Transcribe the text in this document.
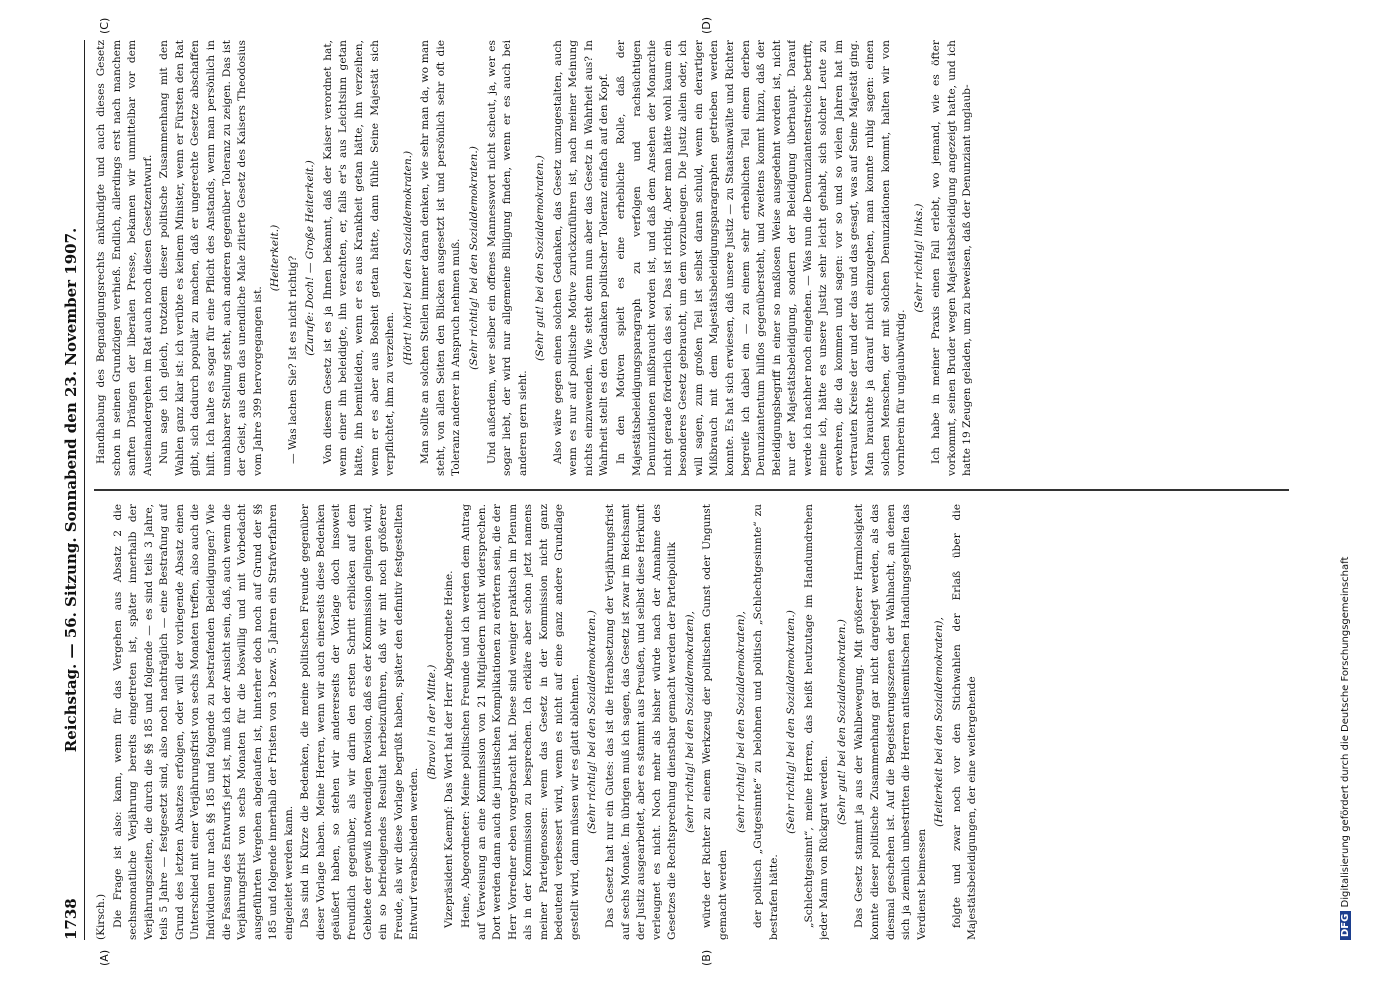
1738
Reichstag. — 56. Sitzung. Sonnabend den 23. November 1907.

(Kirsch.) Die Frage ist also: kann, wenn für das Vergehen aus Absatz 2 die sechsmonatliche Verjährung bereits eingetreten ist, später innerhalb der Verjährungszeiten, die durch die §§ 185 und folgende — es sind teils 3 Jahre, teils 5 Jahre — festgesetzt sind, also noch nachträglich — eine Bestrafung auf Grund des letzten Absatzes erfolgen, oder will der vorliegende Absatz einen Unterschied mit einer Verjährungsfrist von sechs Monaten treffen, also auch die Individuen nur nach §§ 185 und folgende zu bestrafenden Beleidigungen? Wie die Fassung des Entwurfs jetzt ist, muß ich der Ansicht sein, daß, auch wenn die Verjährungsfrist von sechs Monaten für die böswillig und mit Vorbedacht ausgeführten Vergehen abgelaufen ist, hinterher doch noch auf Grund der §§ 185 und folgende innerhalb der Fristen von 3 bezw. 5 Jahren ein Strafverfahren eingeleitet werden kann. Das sind in Kürze die Bedenken, die meine politischen Freunde gegenüber dieser Vorlage haben. Meine Herren, wenn wir auch einerseits diese Bedenken geäußert haben, so stehen wir andererseits der Vorlage doch insoweit freundlich gegenüber, als wir darin den ersten Schritt erblicken auf dem Gebiete der gewiß notwendigen Revision, daß es der Kommission gelingen wird, ein so befriedigendes Resultat herbeizuführen, daß wir mit noch größerer Freude, als wir diese Vorlage begrüßt haben, später den definitiv festgestellten Entwurf verabschieden werden.

(Bravo! in der Mitte.) Vizepräsident Kaempf: Das Wort hat der Herr Abgeordnete Heine. Heine, Abgeordneter: Meine politischen Freunde und ich werden dem Antrag auf Verweisung an eine Kommission von 21 Mitgliedern nicht widersprechen. Dort werden dann auch die juristischen Komplikationen zu erörtern sein, die der Herr Vorredner eben vorgebracht hat. Diese sind weniger praktisch im Plenum als in der Kommission zu besprechen. Ich erkläre aber schon jetzt namens meiner Parteigenossen: wenn das Gesetz in der Kommission nicht ganz bedeutend verbessert wird, wenn es nicht auf eine ganz andere Grundlage gestellt wird, dann müssen wir es glatt ablehnen. (Sehr richtig! bei den Sozialdemokraten.) Das Gesetz hat nur ein Gutes: das ist die Herabsetzung der Verjährungsfrist auf sechs Monate. Im übrigen muß ich sagen, das Gesetz ist zwar im Reichsamt der Justiz ausgearbeitet, aber es stammt aus Preußen, und selbst diese Herkunft verleugnet es nicht. Noch mehr als bisher würde nach der Annahme des Gesetzes die Rechtsprechung dienstbar gemacht werden der Parteipolitik (sehr richtig! bei den Sozialdemokraten), würde der Richter zu einem Werkzeug der politischen Gunst oder Ungunst gemacht werden

(sehr richtig! bei den Sozialdemokraten), der politisch „Gutgesinnte“ zu belohnen und politisch „Schlechtgesinnte“ zu bestrafen hätte.

(Sehr richtig! bei den Sozialdemokraten.) „Schlechtgesinnt“, meine Herren, das heißt heutzutage im Handumdrehen jeder Mann von Rückgrat werden.

(Sehr gut! bei den Sozialdemokraten.) Das Gesetz stammt ja aus der Wahlbewegung. Mit größerer Harmlosigkeit konnte dieser politische Zusammenhang gar nicht dargelegt werden, als das diesmal geschehen ist. Auf die Begeisterungsszenen der Wahlnacht, an denen sich ja ziemlich unbestritten die Herren antisemitischen Handlungsgehilfen das Verdienst beimessen

(Heiterkeit bei den Sozialdemokraten), folgte und zwar noch vor den Stichwahlen der Erlaß über die Majestätsbeleidigungen, der eine weitergehende

Handhabung des Begnadigungsrechts ankündigte und auch dieses Gesetz schon in seinen Grundzügen verhieß. Endlich, allerdings erst nach manchem sanften Drängen der liberalen Presse, bekamen wir unmittelbar vor dem Auseinandergehen im Rat auch noch diesen Gesetzentwurf. Nun sage ich gleich, trotzdem dieser politische Zusammenhang mit den Wahlen ganz klar ist: ich verübte es keinem Minister, wenn er Fürsten den Rat gibt, sich dadurch populär zu machen, daß er ungerechte Gesetze abschaffen hilft. Ich halte es sogar für eine Pflicht des Anstands, wenn man persönlich in unnahbarer Stellung steht, auch anderen gegenüber Toleranz zu zeigen. Das ist der Geist, aus dem das unendliche Male zitierte Gesetz des Kaisers Theodosius vom Jahre 399 hervorgegangen ist.

(Heiterkeit.) — Was lachen Sie? Ist es nicht richtig? (Zurufe: Doch! — Große Heiterkeit.) Von diesem Gesetz ist es ja Ihnen bekannt, daß der Kaiser verordnet hat, wenn einer ihn beleidigte, ihn verachten, er, falls er's aus Leichtsinn getan hätte, ihn bemitleiden, wenn er es aus Krankheit getan hätte, ihn verzeihen, wenn er es aber aus Bosheit getan hätte, dann fühle Seine Majestät sich verpflichtet, ihm zu verzeihen.

(Hört! hört! bei den Sozialdemokraten.) Man sollte an solchen Stellen immer daran denken, wie sehr man da, wo man steht, von allen Seiten den Blicken ausgesetzt ist und persönlich sehr oft die Toleranz anderer in Anspruch nehmen muß. (Sehr richtig! bei den Sozialdemokraten.) Und außerdem, wer selber ein offenes Mannesswort nicht scheut, ja, wer es sogar liebt, der wird nur allgemeine Billigung finden, wenn er es auch bei anderen gern sieht.

(Sehr gut! bei den Sozialdemokraten.) Also wäre gegen einen solchen Gedanken, das Gesetz umzugestalten, auch wenn es nur auf politische Motive zurückzuführen ist, nach meiner Meinung nichts einzuwenden. Wie steht denn nun aber das Gesetz in Wahrheit aus? In Wahrheit stellt es den Gedanken politischer Toleranz einfach auf den Kopf. In den Motiven spielt es eine erhebliche Rolle, daß der Majestätsbeleidigungsparagraph zu verfolgen und rachsüchtigen Denunziationen mißbraucht worden ist, und daß dem Ansehen der Monarchie nicht gerade förderlich das sei. Das ist richtig. Aber man hätte wohl kaum ein besonderes Gesetz gebraucht, um dem vorzubeugen. Die Justiz allein oder, ich will sagen, zum großen Teil ist selbst daran schuld, wenn ein derartiger Mißbrauch mit dem Majestätsbeleidigungsparagraphen getrieben werden konnte. Es hat sich erwiesen, daß unsere Justiz — zu Staatsanwälte und Richter begreife ich dabei ein — zu einem sehr erheblichen Teil einem derben Denunziantentum hilflos gegenübersteht, und zweitens kommt hinzu, daß der Beleidigungsbegriff in einer so maßlosen Weise ausgedehnt worden ist, nicht nur der Majestätsbeleidigung, sondern der Beleidigung überhaupt. Darauf werde ich nachher noch eingehen. — Was nun die Denunziantenstreiche betrifft, meine ich, hätte es unsere Justiz sehr leicht gehabt, sich solcher Leute zu erwehren, die da kommen und sagen: vor so und so vielen Jahren hat im vertrauten Kreise der und der das und das gesagt, was auf Seine Majestät ging. Man brauchte ja darauf nicht einzugehen, man konnte ruhig sagen: einen solchen Menschen, der mit solchen Denunziationen kommt, halten wir von vornherein für unglaubwürdig.

(Sehr richtig! links.) Ich habe in meiner Praxis einen Fall erlebt, wo jemand, wie es öfter vorkommt, seinen Bruder wegen Majestätsbeleidigung angezeigt hatte, und ich hatte 19 Zeugen geladen, um zu beweisen, daß der Denunziant unglaub-

(A)	(B)
(C)	(D)
DFG Digitalisierung gefördert durch die Deutsche Forschungsgemeinschaft
